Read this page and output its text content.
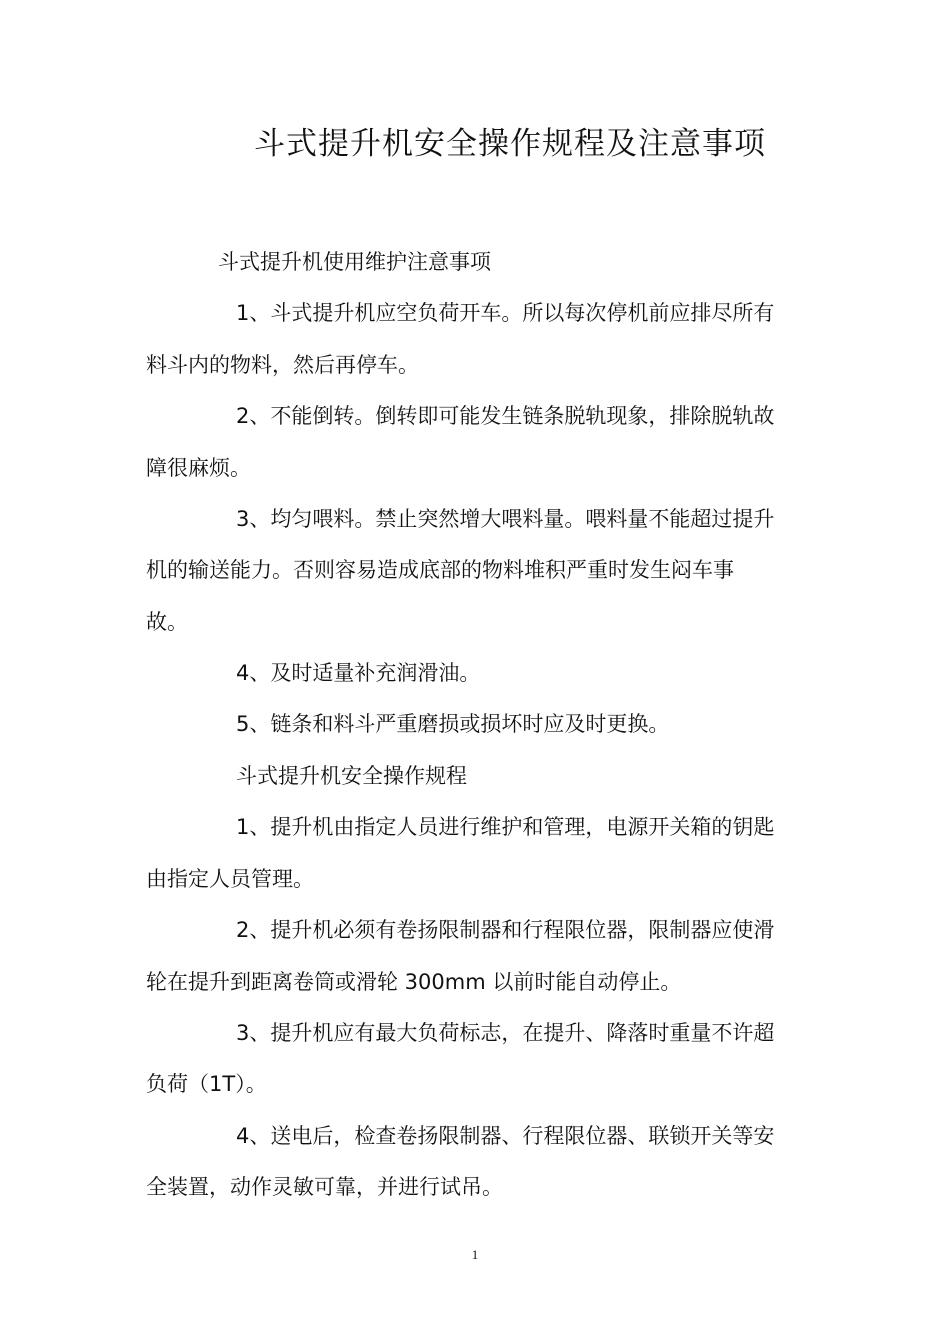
斗式提升机安全操作规程及注意事项
斗式提升机使用维护注意事项
1、斗式提升机应空负荷开车。所以每次停机前应排尽所有
料斗内的物料，然后再停车。
2、不能倒转。倒转即可能发生链条脱轨现象，排除脱轨故
障很麻烦。
3、均匀喂料。禁止突然增大喂料量。喂料量不能超过提升
机的输送能力。否则容易造成底部的物料堆积严重时发生闷车事
故。
4、及时适量补充润滑油。
5、链条和料斗严重磨损或损坏时应及时更换。
斗式提升机安全操作规程
1、提升机由指定人员进行维护和管理，电源开关箱的钥匙
由指定人员管理。
2、提升机必须有卷扬限制器和行程限位器，限制器应使滑
轮在提升到距离卷筒或滑轮 300mm 以前时能自动停止。
3、提升机应有最大负荷标志，在提升、降落时重量不许超
负荷（1T）。
4、送电后，检查卷扬限制器、行程限位器、联锁开关等安
全装置，动作灵敏可靠，并进行试吊。
1
